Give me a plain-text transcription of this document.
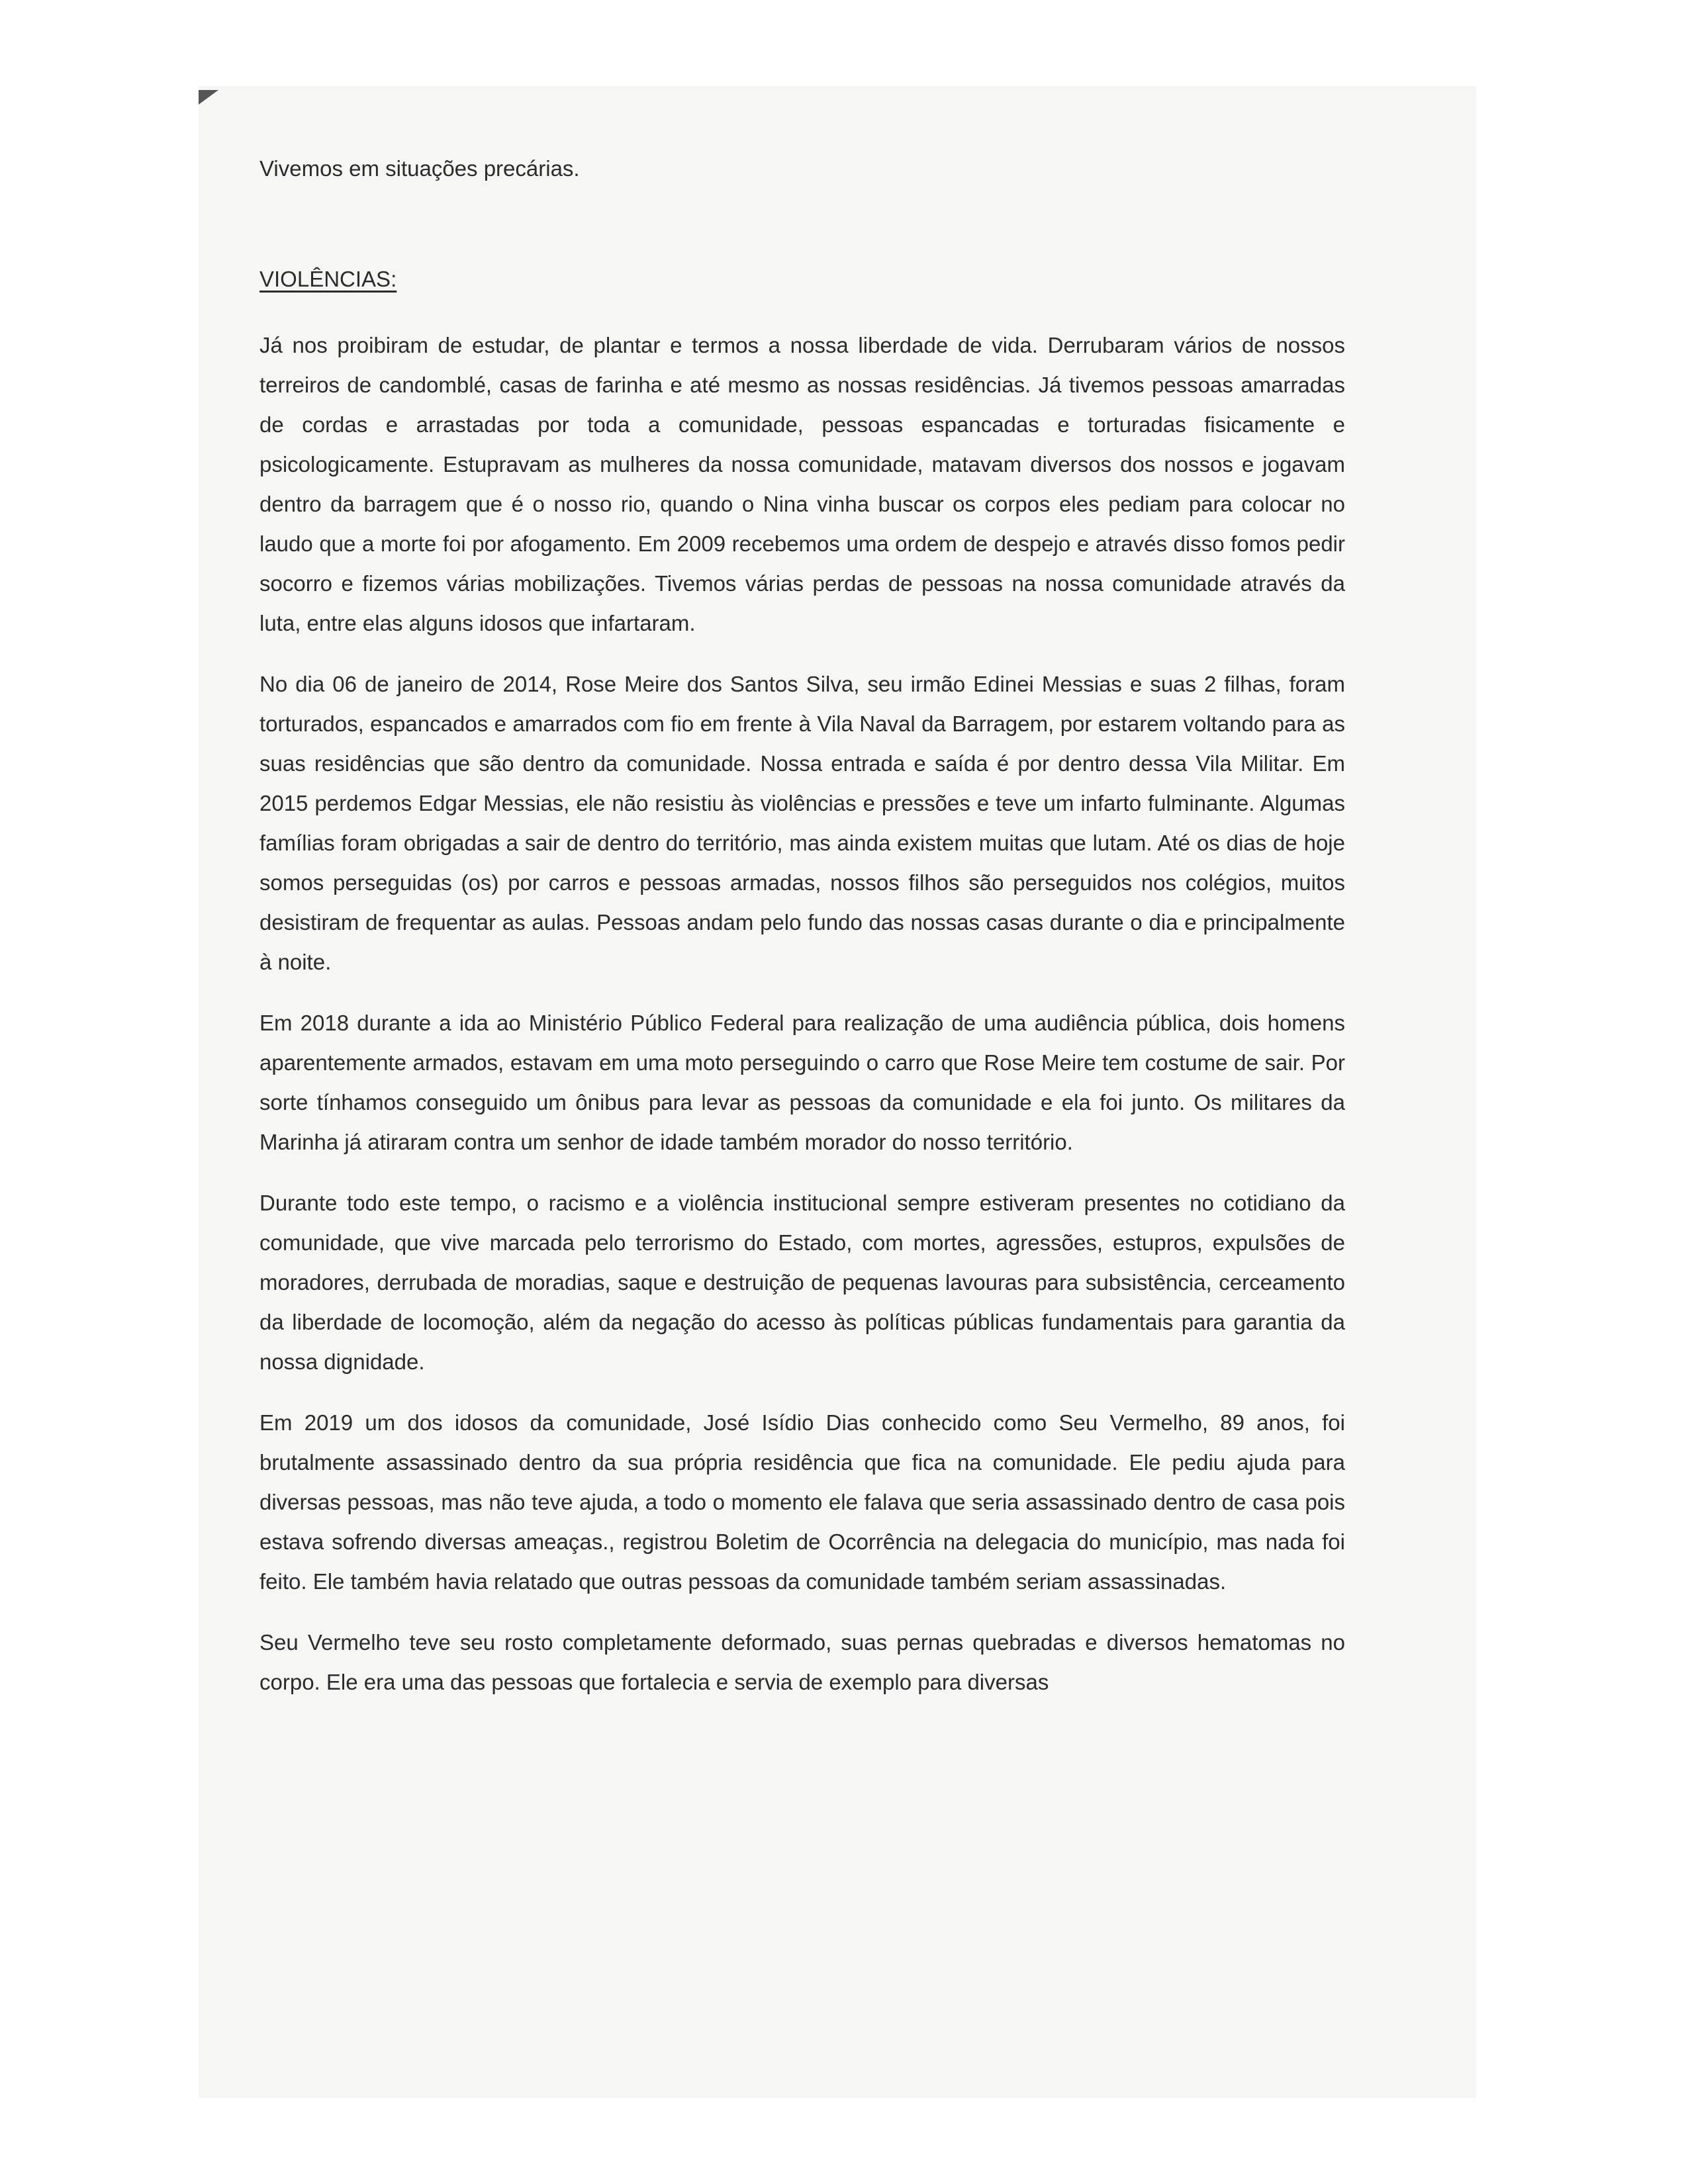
Vivemos em situações precárias.

VIOLÊNCIAS:

Já nos proibiram de estudar, de plantar e termos a nossa liberdade de vida. Derrubaram vários de nossos terreiros de candomblé, casas de farinha e até mesmo as nossas residências. Já tivemos pessoas amarradas de cordas e arrastadas por toda a comunidade, pessoas espancadas e torturadas fisicamente e psicologicamente. Estupravam as mulheres da nossa comunidade, matavam diversos dos nossos e jogavam dentro da barragem que é o nosso rio, quando o Nina vinha buscar os corpos eles pediam para colocar no laudo que a morte foi por afogamento. Em 2009 recebemos uma ordem de despejo e através disso fomos pedir socorro e fizemos várias mobilizações. Tivemos várias perdas de pessoas na nossa comunidade através da luta, entre elas alguns idosos que infartaram.

No dia 06 de janeiro de 2014, Rose Meire dos Santos Silva, seu irmão Edinei Messias e suas 2 filhas, foram torturados, espancados e amarrados com fio em frente à Vila Naval da Barragem, por estarem voltando para as suas residências que são dentro da comunidade. Nossa entrada e saída é por dentro dessa Vila Militar. Em 2015 perdemos Edgar Messias, ele não resistiu às violências e pressões e teve um infarto fulminante. Algumas famílias foram obrigadas a sair de dentro do território, mas ainda existem muitas que lutam. Até os dias de hoje somos perseguidas (os) por carros e pessoas armadas, nossos filhos são perseguidos nos colégios, muitos desistiram de frequentar as aulas. Pessoas andam pelo fundo das nossas casas durante o dia e principalmente à noite.

Em 2018 durante a ida ao Ministério Público Federal para realização de uma audiência pública, dois homens aparentemente armados, estavam em uma moto perseguindo o carro que Rose Meire tem costume de sair. Por sorte tínhamos conseguido um ônibus para levar as pessoas da comunidade e ela foi junto. Os militares da Marinha já atiraram contra um senhor de idade também morador do nosso território.

Durante todo este tempo, o racismo e a violência institucional sempre estiveram presentes no cotidiano da comunidade, que vive marcada pelo terrorismo do Estado, com mortes, agressões, estupros, expulsões de moradores, derrubada de moradias, saque e destruição de pequenas lavouras para subsistência, cerceamento da liberdade de locomoção, além da negação do acesso às políticas públicas fundamentais para garantia da nossa dignidade.

Em 2019 um dos idosos da comunidade, José Isídio Dias conhecido como Seu Vermelho, 89 anos, foi brutalmente assassinado dentro da sua própria residência que fica na comunidade. Ele pediu ajuda para diversas pessoas, mas não teve ajuda, a todo o momento ele falava que seria assassinado dentro de casa pois estava sofrendo diversas ameaças., registrou Boletim de Ocorrência na delegacia do município, mas nada foi feito. Ele também havia relatado que outras pessoas da comunidade também seriam assassinadas.

Seu Vermelho teve seu rosto completamente deformado, suas pernas quebradas e diversos hematomas no corpo. Ele era uma das pessoas que fortalecia e servia de exemplo para diversas
